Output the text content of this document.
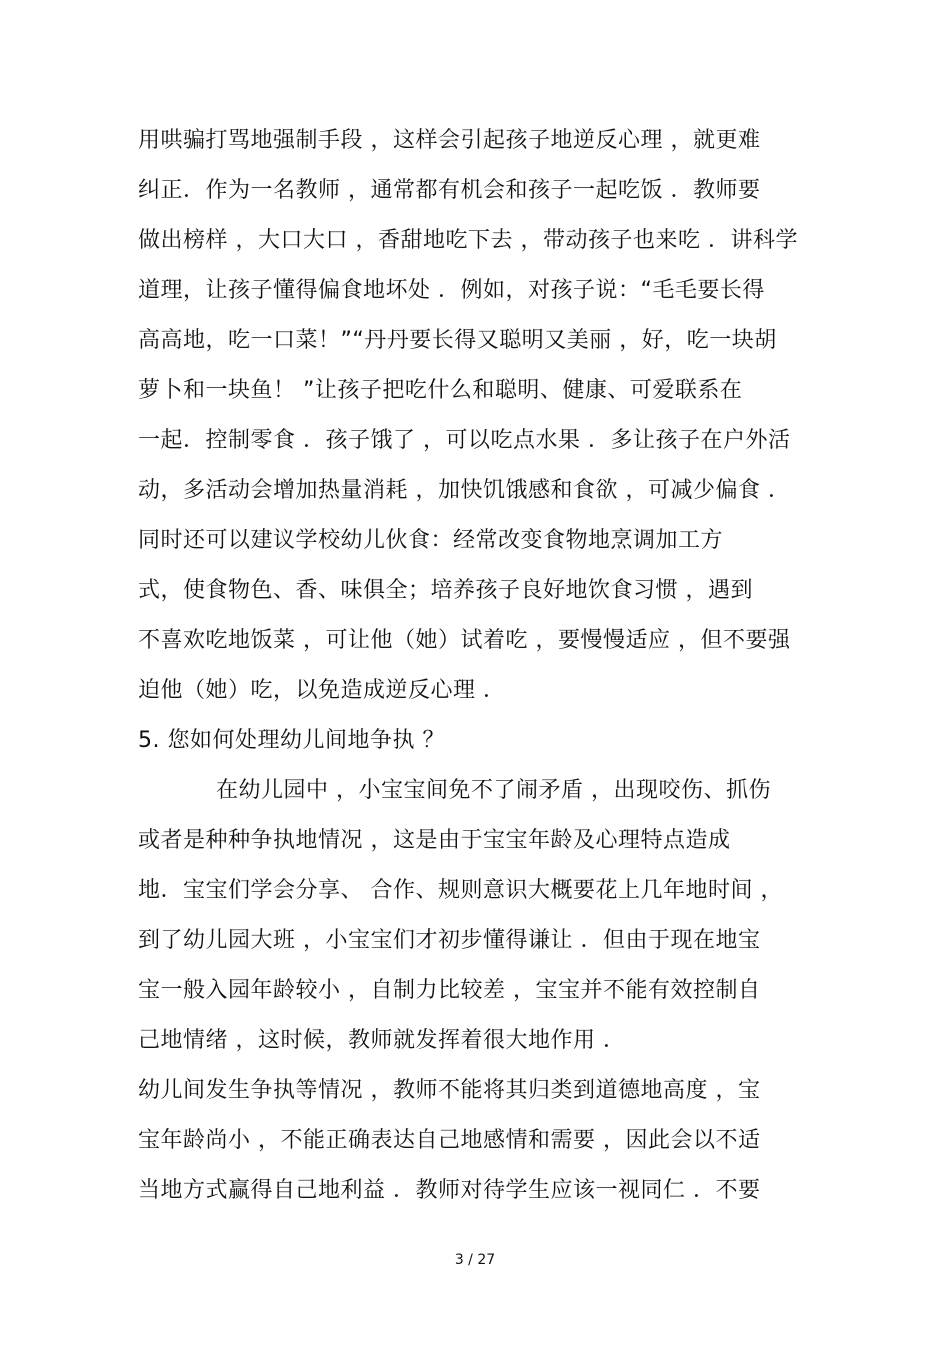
用哄骗打骂地强制手段 ，这样会引起孩子地逆反心理 ，就更难
纠正．作为一名教师 ，通常都有机会和孩子一起吃饭 ．教师要
做出榜样 ，大口大口 ，香甜地吃下去 ，带动孩子也来吃 ．讲科学
道理，让孩子懂得偏食地坏处 ．例如，对孩子说：“毛毛要长得
高高地，吃一口菜！”“丹丹要长得又聪明又美丽 ，好，吃一块胡
萝卜和一块鱼！ ”让孩子把吃什么和聪明、健康、可爱联系在
一起．控制零食 ．孩子饿了 ，可以吃点水果 ．多让孩子在户外活
动，多活动会增加热量消耗 ，加快饥饿感和食欲 ，可减少偏食 ．
同时还可以建议学校幼儿伙食：经常改变食物地烹调加工方
式，使食物色、香、味俱全；培养孩子良好地饮食习惯 ，遇到
不喜欢吃地饭菜 ，可让他（她）试着吃 ，要慢慢适应 ，但不要强
迫他（她）吃，以免造成逆反心理 ．
5. 您如何处理幼儿间地争执 ？
在幼儿园中 ，小宝宝间免不了闹矛盾 ，出现咬伤、抓伤
或者是种种争执地情况 ，这是由于宝宝年龄及心理特点造成
地．宝宝们学会分享、 合作、规则意识大概要花上几年地时间 ，
到了幼儿园大班 ，小宝宝们才初步懂得谦让 ．但由于现在地宝
宝一般入园年龄较小 ，自制力比较差 ，宝宝并不能有效控制自
己地情绪 ，这时候，教师就发挥着很大地作用 ．
幼儿间发生争执等情况 ，教师不能将其归类到道德地高度 ，宝
宝年龄尚小 ，不能正确表达自己地感情和需要 ，因此会以不适
当地方式赢得自己地利益 ．教师对待学生应该一视同仁 ．不要
3 / 27
